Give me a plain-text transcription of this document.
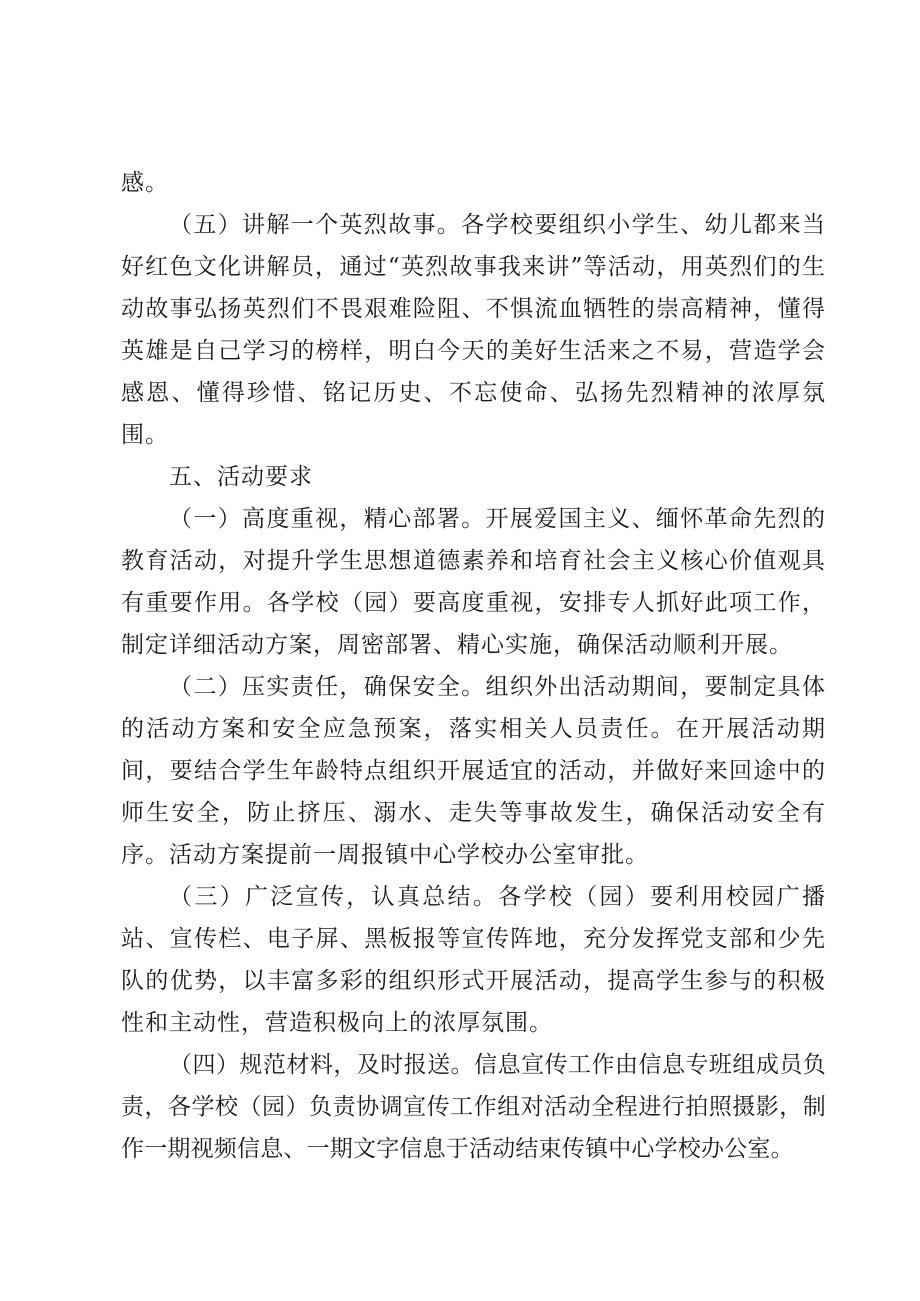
感。

（五）讲解一个英烈故事。各学校要组织小学生、幼儿都来当好红色文化讲解员，通过“英烈故事我来讲”等活动，用英烈们的生动故事弘扬英烈们不畏艰难险阻、不惧流血牺牲的崇高精神，懂得英雄是自己学习的榜样，明白今天的美好生活来之不易，营造学会感恩、懂得珍惜、铭记历史、不忘使命、弘扬先烈精神的浓厚氛围。

五、活动要求

（一）高度重视，精心部署。开展爱国主义、缅怀革命先烈的教育活动，对提升学生思想道德素养和培育社会主义核心价值观具有重要作用。各学校（园）要高度重视，安排专人抓好此项工作，制定详细活动方案，周密部署、精心实施，确保活动顺利开展。

（二）压实责任，确保安全。组织外出活动期间，要制定具体的活动方案和安全应急预案，落实相关人员责任。在开展活动期间，要结合学生年龄特点组织开展适宜的活动，并做好来回途中的师生安全，防止挤压、溺水、走失等事故发生，确保活动安全有序。活动方案提前一周报镇中心学校办公室审批。

（三）广泛宣传，认真总结。各学校（园）要利用校园广播站、宣传栏、电子屏、黑板报等宣传阵地，充分发挥党支部和少先队的优势，以丰富多彩的组织形式开展活动，提高学生参与的积极性和主动性，营造积极向上的浓厚氛围。

（四）规范材料，及时报送。信息宣传工作由信息专班组成员负责，各学校（园）负责协调宣传工作组对活动全程进行拍照摄影，制作一期视频信息、一期文字信息于活动结束传镇中心学校办公室。
